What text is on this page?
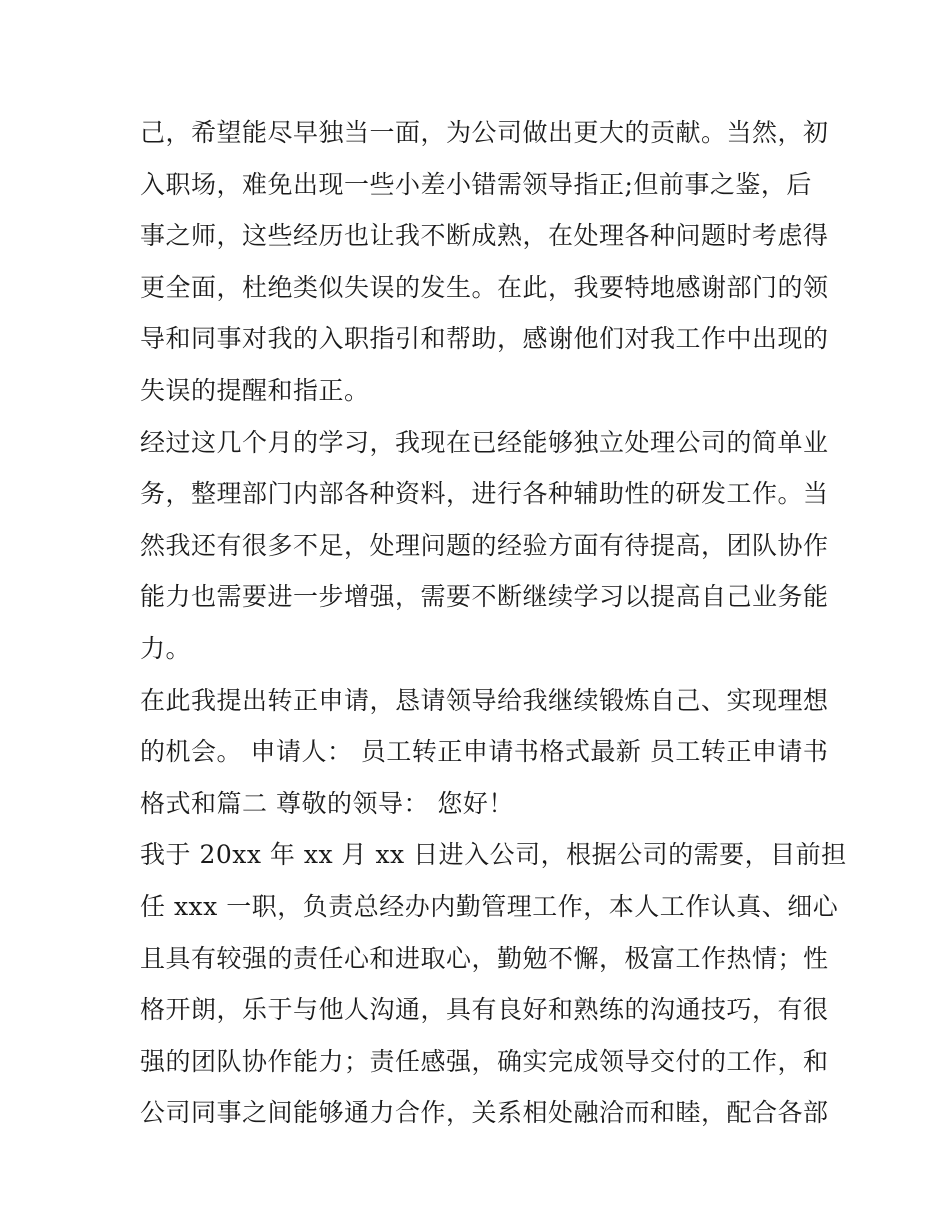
己，希望能尽早独当一面，为公司做出更大的贡献。当然，初
入职场，难免出现一些小差小错需领导指正;但前事之鉴，后
事之师，这些经历也让我不断成熟，在处理各种问题时考虑得
更全面，杜绝类似失误的发生。在此，我要特地感谢部门的领
导和同事对我的入职指引和帮助，感谢他们对我工作中出现的
失误的提醒和指正。
经过这几个月的学习，我现在已经能够独立处理公司的简单业
务，整理部门内部各种资料，进行各种辅助性的研发工作。当
然我还有很多不足，处理问题的经验方面有待提高，团队协作
能力也需要进一步增强，需要不断继续学习以提高自己业务能
力。
在此我提出转正申请，恳请领导给我继续锻炼自己、实现理想
的机会。 申请人： 员工转正申请书格式最新 员工转正申请书
格式和篇二 尊敬的领导： 您好！
我于 20xx 年 xx 月 xx 日进入公司，根据公司的需要，目前担
任 xxx 一职，负责总经办内勤管理工作，本人工作认真、细心
且具有较强的责任心和进取心，勤勉不懈，极富工作热情；性
格开朗，乐于与他人沟通，具有良好和熟练的沟通技巧，有很
强的团队协作能力；责任感强，确实完成领导交付的工作，和
公司同事之间能够通力合作，关系相处融洽而和睦，配合各部
